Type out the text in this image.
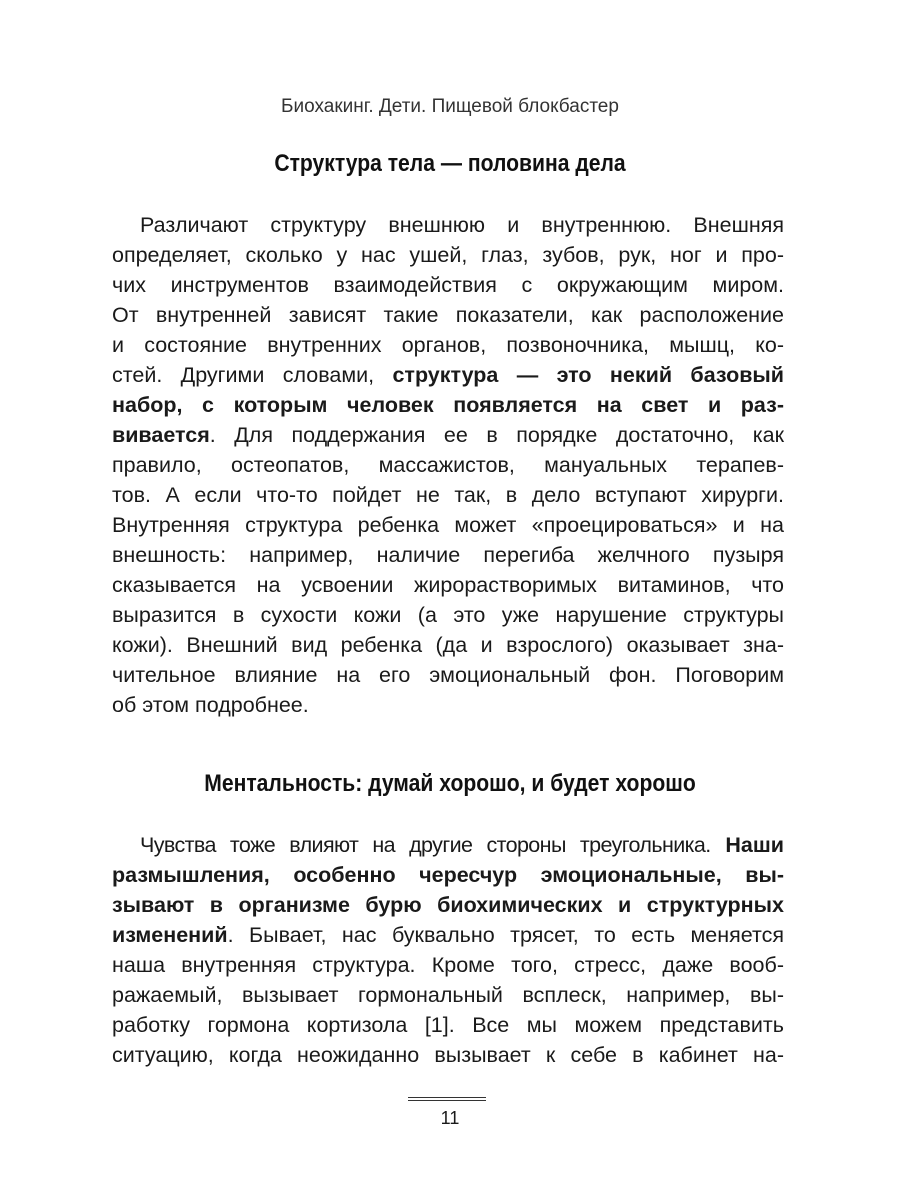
Биохакинг. Дети. Пищевой блокбастер
Структура тела — половина дела
Различают структуру внешнюю и внутреннюю. Внешняя
определяет, сколько у нас ушей, глаз, зубов, рук, ног и про-
чих инструментов взаимодействия с окружающим миром.
От внутренней зависят такие показатели, как расположение
и состояние внутренних органов, позвоночника, мышц, ко-
стей. Другими словами, структура — это некий базовый
набор, с которым человек появляется на свет и раз-
вивается. Для поддержания ее в порядке достаточно, как
правило, остеопатов, массажистов, мануальных терапев-
тов. А если что-то пойдет не так, в дело вступают хирурги.
Внутренняя структура ребенка может «проецироваться» и на
внешность: например, наличие перегиба желчного пузыря
сказывается на усвоении жирорастворимых витаминов, что
выразится в сухости кожи (а это уже нарушение структуры
кожи). Внешний вид ребенка (да и взрослого) оказывает зна-
чительное влияние на его эмоциональный фон. Поговорим
об этом подробнее.
Ментальность: думай хорошо, и будет хорошо
Чувства тоже влияют на другие стороны треугольника. Наши
размышления, особенно чересчур эмоциональные, вы-
зывают в организме бурю биохимических и структурных
изменений. Бывает, нас буквально трясет, то есть меняется
наша внутренняя структура. Кроме того, стресс, даже вооб-
ражаемый, вызывает гормональный всплеск, например, вы-
работку гормона кортизола [1]. Все мы можем представить
ситуацию, когда неожиданно вызывает к себе в кабинет на-
11
